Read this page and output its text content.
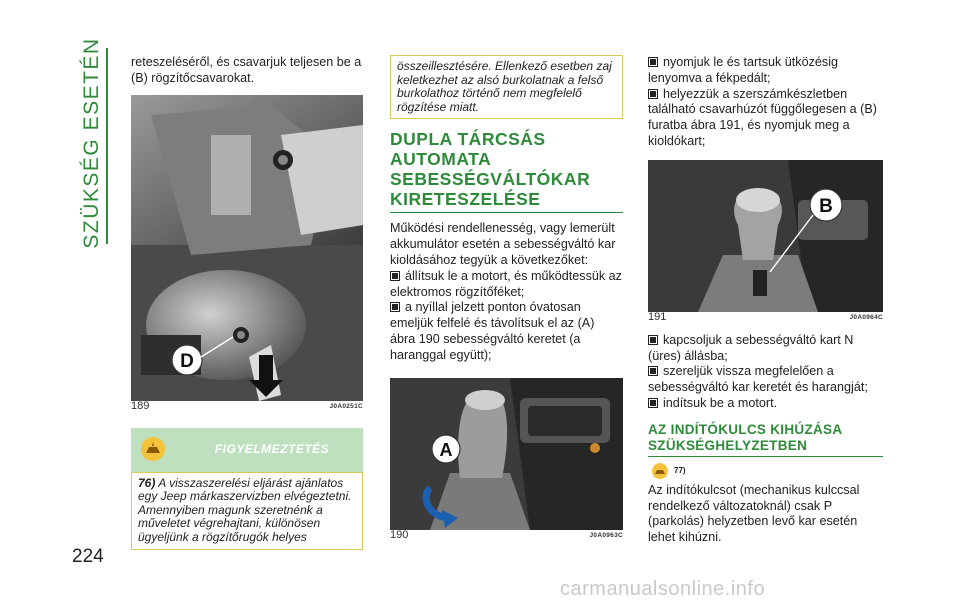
SZÜKSÉG ESETÉN
224

reteszeléséről, és csavarjuk teljesen be a (B) rögzítőcsavarokat.

D
189	J0A0251C
FIGYELMEZTETÉS
76) A visszaszerelési eljárást ajánlatos egy Jeep márkaszervizben elvégeztetni. Amennyiben magunk szeretnénk a műveletet végrehajtani, különösen ügyeljünk a rögzítőrugók helyes
összeillesztésére. Ellenkező esetben zaj keletkezhet az alsó burkolatnak a felső burkolathoz történő nem megfelelő rögzítése miatt.
DUPLA TÁRCSÁS AUTOMATA SEBESSÉGVÁLTÓKAR KIRETESZELÉSE

Működési rendellenesség, vagy lemerült akkumulátor esetén a sebességváltó kar kioldásához tegyük a következőket:

állítsuk le a motort, és működtessük az elektromos rögzítőféket;

a nyíllal jelzett ponton óvatosan emeljük felfelé és távolítsuk el az (A) ábra 190 sebességváltó keretet (a haranggal együtt);

A
190	J0A0963C

nyomjuk le és tartsuk ütközésig lenyomva a fékpedált;

helyezzük a szerszámkészletben található csavarhúzót függőlegesen a (B) furatba ábra 191, és nyomjuk meg a kioldókart;

B
191	J0A0964C

kapcsoljuk a sebességváltó kart N (üres) állásba;

szereljük vissza megfelelően a sebességváltó kar keretét és harangját;

indítsuk be a motort.

AZ INDÍTÓKULCS KIHÚZÁSA SZÜKSÉGHELYZETBEN
77)

Az indítókulcsot (mechanikus kulccsal rendelkező változatoknál) csak P (parkolás) helyzetben levő kar esetén lehet kihúzni.

carmanualsonline.info
